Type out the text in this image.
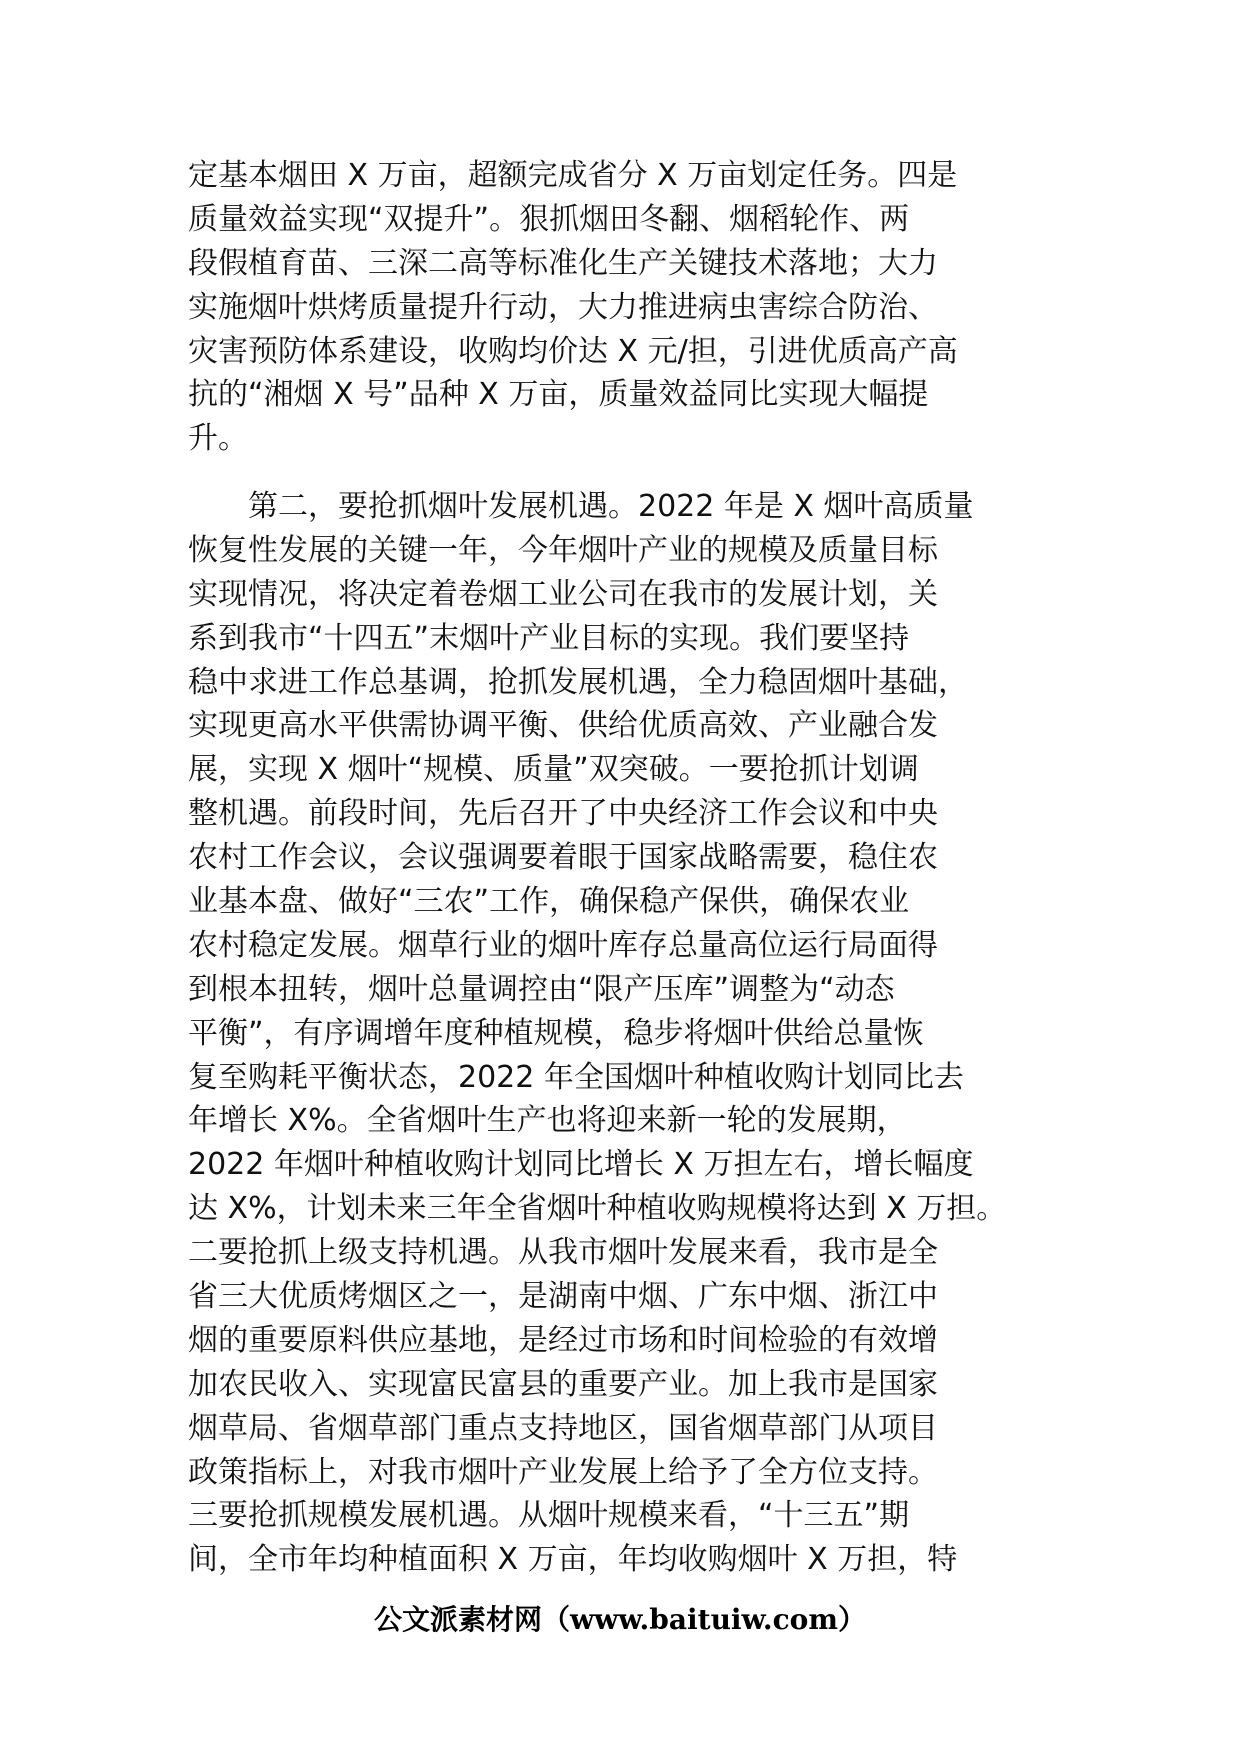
定基本烟田 X 万亩，超额完成省分 X 万亩划定任务。四是
质量效益实现“双提升”。狠抓烟田冬翻、烟稻轮作、两
段假植育苗、三深二高等标准化生产关键技术落地；大力
实施烟叶烘烤质量提升行动，大力推进病虫害综合防治、
灾害预防体系建设，收购均价达 X 元/担，引进优质高产高
抗的“湘烟 X 号”品种 X 万亩，质量效益同比实现大幅提
升。
　　第二，要抢抓烟叶发展机遇。2022 年是 X 烟叶高质量
恢复性发展的关键一年，今年烟叶产业的规模及质量目标
实现情况，将决定着卷烟工业公司在我市的发展计划，关
系到我市“十四五”末烟叶产业目标的实现。我们要坚持
稳中求进工作总基调，抢抓发展机遇，全力稳固烟叶基础，
实现更高水平供需协调平衡、供给优质高效、产业融合发
展，实现 X 烟叶“规模、质量”双突破。一要抢抓计划调
整机遇。前段时间，先后召开了中央经济工作会议和中央
农村工作会议，会议强调要着眼于国家战略需要，稳住农
业基本盘、做好“三农”工作，确保稳产保供，确保农业
农村稳定发展。烟草行业的烟叶库存总量高位运行局面得
到根本扭转，烟叶总量调控由“限产压库”调整为“动态
平衡”，有序调增年度种植规模，稳步将烟叶供给总量恢
复至购耗平衡状态，2022 年全国烟叶种植收购计划同比去
年增长 X%。全省烟叶生产也将迎来新一轮的发展期，
2022 年烟叶种植收购计划同比增长 X 万担左右，增长幅度
达 X%，计划未来三年全省烟叶种植收购规模将达到 X 万担。
二要抢抓上级支持机遇。从我市烟叶发展来看，我市是全
省三大优质烤烟区之一，是湖南中烟、广东中烟、浙江中
烟的重要原料供应基地，是经过市场和时间检验的有效增
加农民收入、实现富民富县的重要产业。加上我市是国家
烟草局、省烟草部门重点支持地区，国省烟草部门从项目
政策指标上，对我市烟叶产业发展上给予了全方位支持。
三要抢抓规模发展机遇。从烟叶规模来看，“十三五”期
间，全市年均种植面积 X 万亩，年均收购烟叶 X 万担，特
公文派素材网（www.baituiw.com）
